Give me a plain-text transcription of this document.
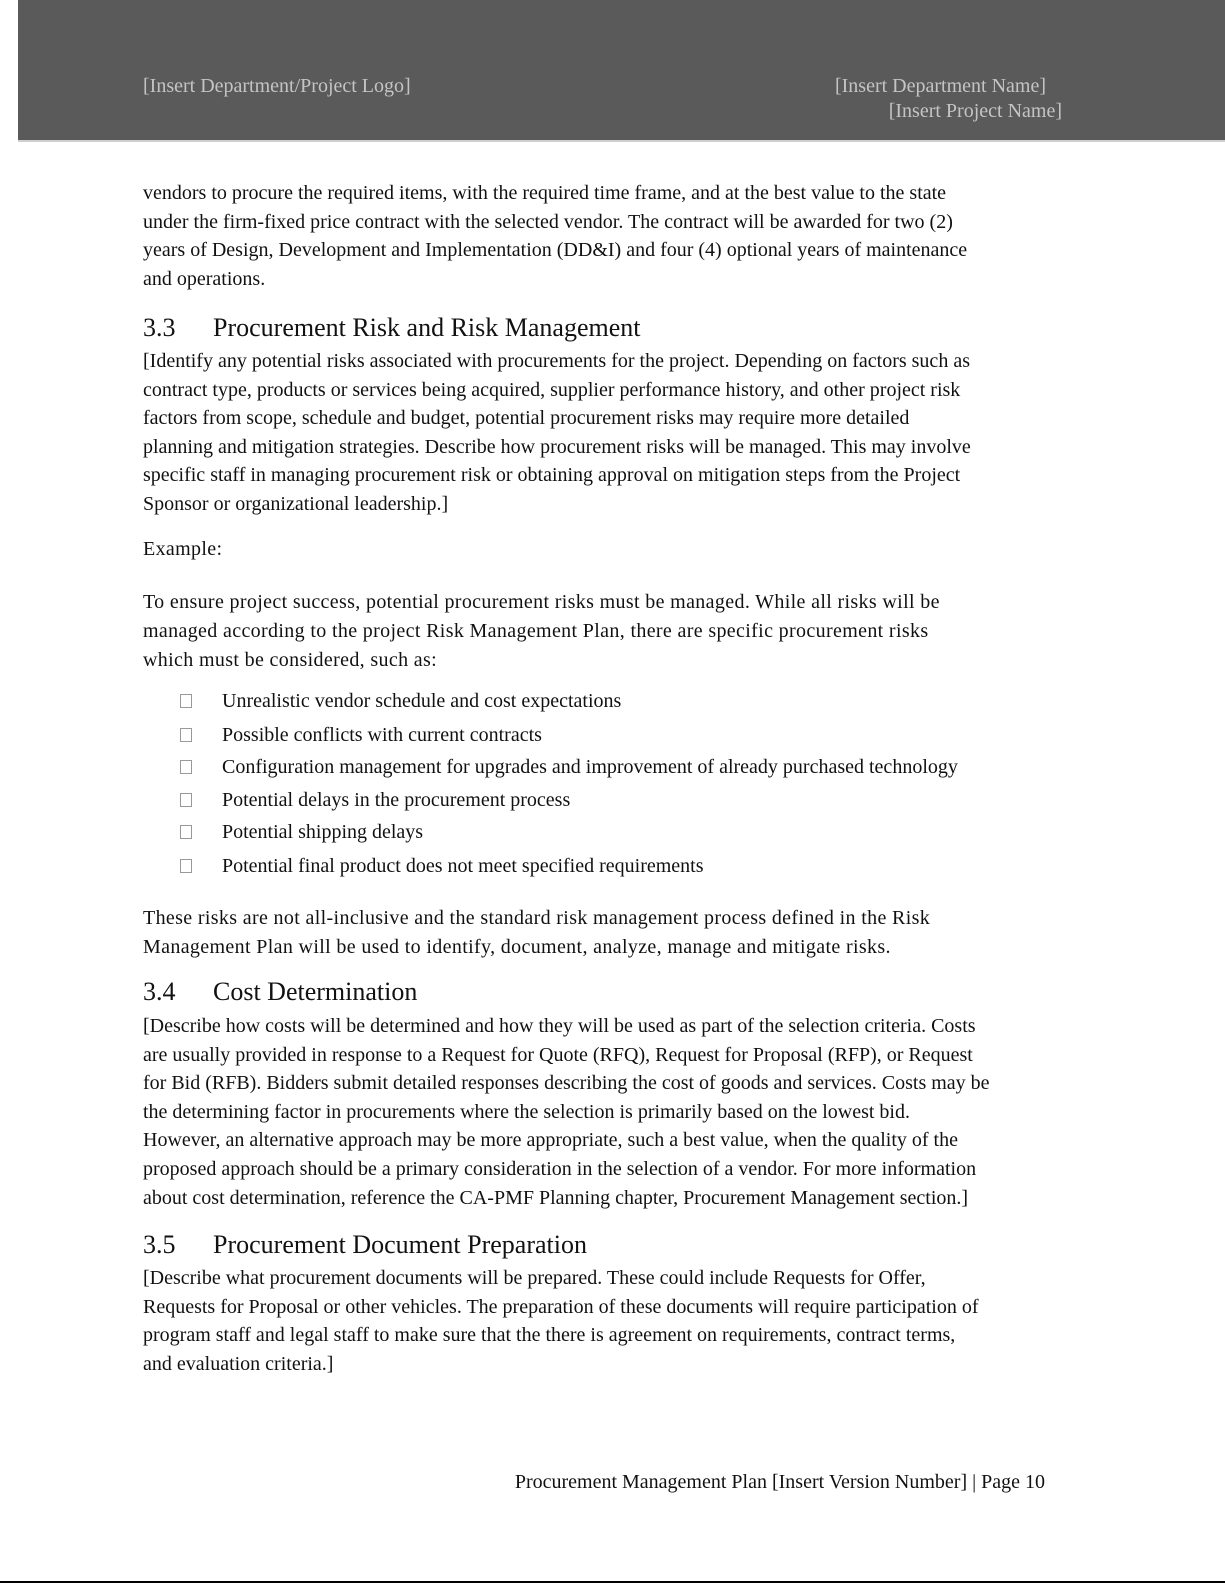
[Insert Department/Project Logo]	[Insert Department Name]
[Insert Project Name]
vendors to procure the required items, with the required time frame, and at the best value to the state
under the firm-fixed price contract with the selected vendor. The contract will be awarded for two (2)
years of Design, Development and Implementation (DD&I) and four (4) optional years of maintenance
and operations.
3.3 Procurement Risk and Risk Management
[Identify any potential risks associated with procurements for the project. Depending on factors such as
contract type, products or services being acquired, supplier performance history, and other project risk
factors from scope, schedule and budget, potential procurement risks may require more detailed
planning and mitigation strategies. Describe how procurement risks will be managed. This may involve
specific staff in managing procurement risk or obtaining approval on mitigation steps from the Project
Sponsor or organizational leadership.]
Example:
To ensure project success, potential procurement risks must be managed. While all risks will be
managed according to the project Risk Management Plan, there are specific procurement risks
which must be considered, such as:
Unrealistic vendor schedule and cost expectations
Possible conflicts with current contracts
Configuration management for upgrades and improvement of already purchased technology
Potential delays in the procurement process
Potential shipping delays
Potential final product does not meet specified requirements
These risks are not all-inclusive and the standard risk management process defined in the Risk
Management Plan will be used to identify, document, analyze, manage and mitigate risks.
3.4 Cost Determination
[Describe how costs will be determined and how they will be used as part of the selection criteria. Costs
are usually provided in response to a Request for Quote (RFQ), Request for Proposal (RFP), or Request
for Bid (RFB). Bidders submit detailed responses describing the cost of goods and services. Costs may be
the determining factor in procurements where the selection is primarily based on the lowest bid.
However, an alternative approach may be more appropriate, such a best value, when the quality of the
proposed approach should be a primary consideration in the selection of a vendor. For more information
about cost determination, reference the CA-PMF Planning chapter, Procurement Management section.]
3.5 Procurement Document Preparation
[Describe what procurement documents will be prepared. These could include Requests for Offer,
Requests for Proposal or other vehicles. The preparation of these documents will require participation of
program staff and legal staff to make sure that the there is agreement on requirements, contract terms,
and evaluation criteria.]
Procurement Management Plan [Insert Version Number] | Page 10
